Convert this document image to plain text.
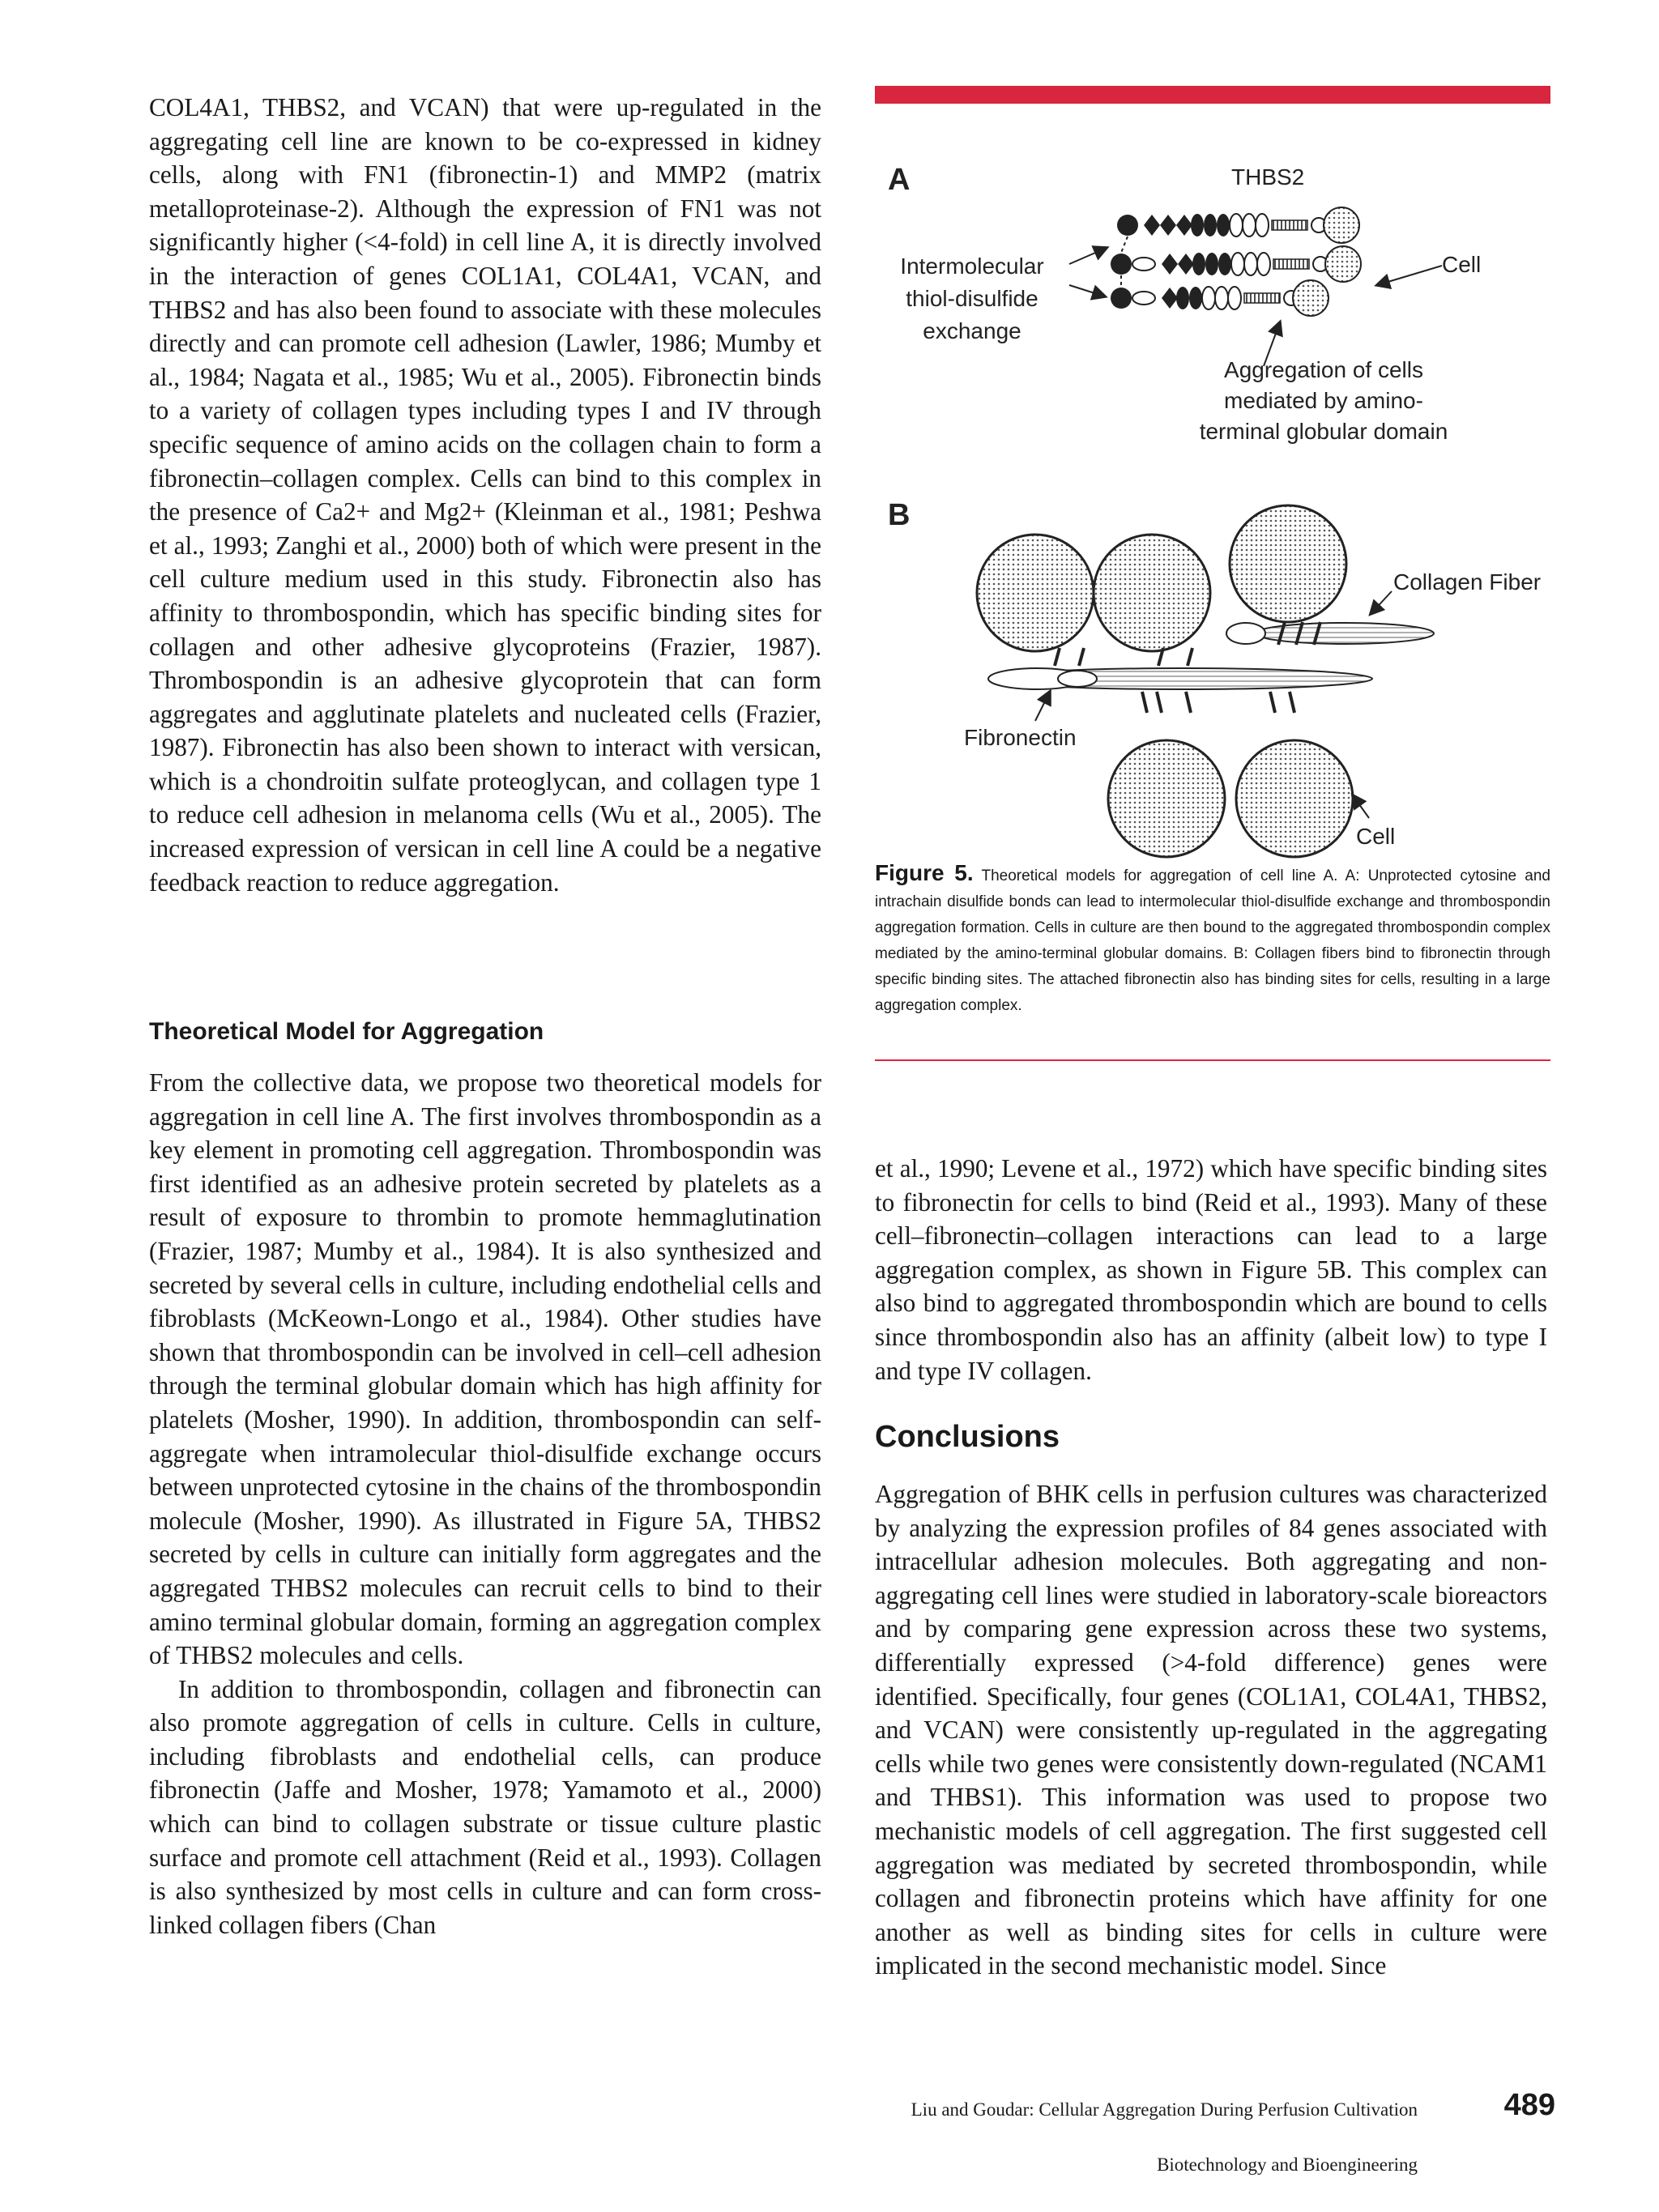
COL4A1, THBS2, and VCAN) that were up-regulated in the aggregating cell line are known to be co-expressed in kidney cells, along with FN1 (fibronectin-1) and MMP2 (matrix metalloproteinase-2). Although the expression of FN1 was not significantly higher (<4-fold) in cell line A, it is directly involved in the interaction of genes COL1A1, COL4A1, VCAN, and THBS2 and has also been found to associate with these molecules directly and can promote cell adhesion (Lawler, 1986; Mumby et al., 1984; Nagata et al., 1985; Wu et al., 2005). Fibronectin binds to a variety of collagen types including types I and IV through specific sequence of amino acids on the collagen chain to form a fibronectin–collagen complex. Cells can bind to this complex in the presence of Ca2+ and Mg2+ (Kleinman et al., 1981; Peshwa et al., 1993; Zanghi et al., 2000) both of which were present in the cell culture medium used in this study. Fibronectin also has affinity to thrombospondin, which has specific binding sites for collagen and other adhesive glycoproteins (Frazier, 1987). Thrombospondin is an adhesive glycoprotein that can form aggregates and agglutinate platelets and nucleated cells (Frazier, 1987). Fibronectin has also been shown to interact with versican, which is a chondroitin sulfate proteoglycan, and collagen type 1 to reduce cell adhesion in melanoma cells (Wu et al., 2005). The increased expression of versican in cell line A could be a negative feedback reaction to reduce aggregation.

Theoretical Model for Aggregation

From the collective data, we propose two theoretical models for aggregation in cell line A. The first involves thrombospondin as a key element in promoting cell aggregation. Thrombospondin was first identified as an adhesive protein secreted by platelets as a result of exposure to thrombin to promote hemmaglutination (Frazier, 1987; Mumby et al., 1984). It is also synthesized and secreted by several cells in culture, including endothelial cells and fibroblasts (McKeown-Longo et al., 1984). Other studies have shown that thrombospondin can be involved in cell–cell adhesion through the terminal globular domain which has high affinity for platelets (Mosher, 1990). In addition, thrombospondin can self-aggregate when intramolecular thiol-disulfide exchange occurs between unprotected cytosine in the chains of the thrombospondin molecule (Mosher, 1990). As illustrated in Figure 5A, THBS2 secreted by cells in culture can initially form aggregates and the aggregated THBS2 molecules can recruit cells to bind to their amino terminal globular domain, forming an aggregation complex of THBS2 molecules and cells.

In addition to thrombospondin, collagen and fibronectin can also promote aggregation of cells in culture. Cells in culture, including fibroblasts and endothelial cells, can produce fibronectin (Jaffe and Mosher, 1978; Yamamoto et al., 2000) which can bind to collagen substrate or tissue culture plastic surface and promote cell attachment (Reid et al., 1993). Collagen is also synthesized by most cells in culture and can form cross-linked collagen fibers (Chan

A	THBS2
Intermolecular
thiol-disulfide
exchange
Cell
Aggregation of cells
mediated by amino-
terminal globular domain
B
Collagen Fiber
Fibronectin
Cell

Figure 5. Theoretical models for aggregation of cell line A. A: Unprotected cytosine and intrachain disulfide bonds can lead to intermolecular thiol-disulfide exchange and thrombospondin aggregation formation. Cells in culture are then bound to the aggregated thrombospondin complex mediated by the amino-terminal globular domains. B: Collagen fibers bind to fibronectin through specific binding sites. The attached fibronectin also has binding sites for cells, resulting in a large aggregation complex.

et al., 1990; Levene et al., 1972) which have specific binding sites to fibronectin for cells to bind (Reid et al., 1993). Many of these cell–fibronectin–collagen interactions can lead to a large aggregation complex, as shown in Figure 5B. This complex can also bind to aggregated thrombospondin which are bound to cells since thrombospondin also has an affinity (albeit low) to type I and type IV collagen.

Conclusions

Aggregation of BHK cells in perfusion cultures was characterized by analyzing the expression profiles of 84 genes associated with intracellular adhesion molecules. Both aggregating and non-aggregating cell lines were studied in laboratory-scale bioreactors and by comparing gene expression across these two systems, differentially expressed (>4-fold difference) genes were identified. Specifically, four genes (COL1A1, COL4A1, THBS2, and VCAN) were consistently up-regulated in the aggregating cells while two genes were consistently down-regulated (NCAM1 and THBS1). This information was used to propose two mechanistic models of cell aggregation. The first suggested cell aggregation was mediated by secreted thrombospondin, while collagen and fibronectin proteins which have affinity for one another as well as binding sites for cells in culture were implicated in the second mechanistic model. Since

Liu and Goudar: Cellular Aggregation During Perfusion Cultivation	489
Biotechnology and Bioengineering
